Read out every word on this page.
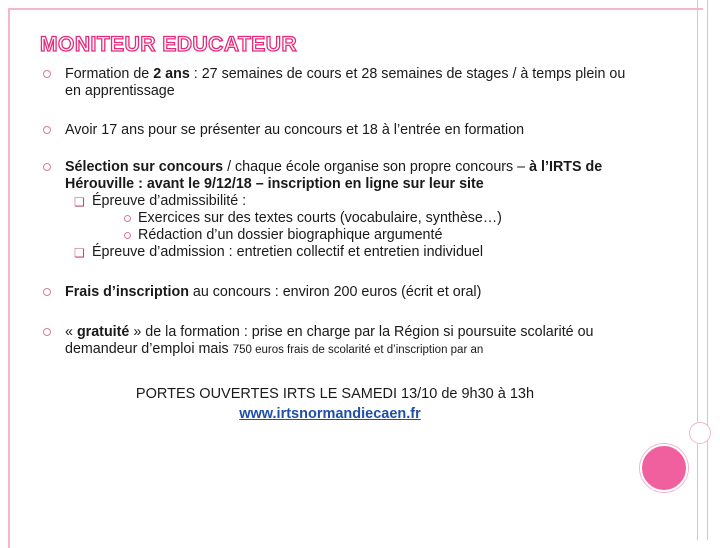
MONITEUR EDUCATEUR
Formation de 2 ans : 27 semaines de cours et 28 semaines de stages / à temps plein ou en apprentissage
Avoir 17 ans pour se présenter au concours et 18 à l’entrée en formation
Sélection sur concours / chaque école organise son propre concours – à l’IRTS de Hérouville : avant le 9/12/18 – inscription en ligne sur leur site
❑ Épreuve d’admissibilité :
Exercices sur des textes courts (vocabulaire, synthèse…)
Rédaction d’un dossier biographique argumenté
❑ Épreuve d’admission : entretien collectif et entretien individuel
Frais d’inscription au concours : environ 200 euros (écrit et oral)
« gratuité » de la formation : prise en charge par la Région si poursuite scolarité ou demandeur d’emploi mais 750 euros frais de scolarité et d’inscription par an
PORTES OUVERTES IRTS LE SAMEDI 13/10 de 9h30 à 13h
www.irtsnormandiecaen.fr
